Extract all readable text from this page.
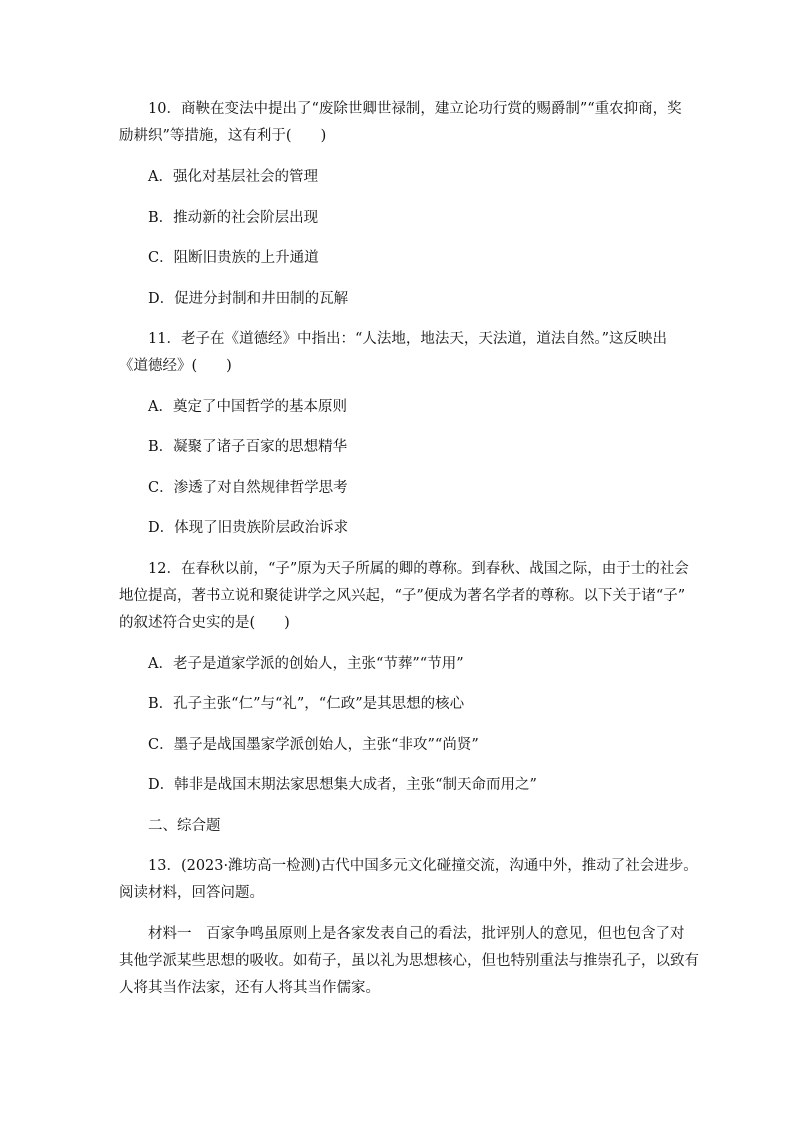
10．商鞅在变法中提出了“废除世卿世禄制，建立论功行赏的赐爵制”“重农抑商，奖
励耕织”等措施，这有利于(　　)
A．强化对基层社会的管理
B．推动新的社会阶层出现
C．阻断旧贵族的上升通道
D．促进分封制和井田制的瓦解
11．老子在《道德经》中指出：“人法地，地法天，天法道，道法自然。”这反映出
《道德经》(　　)
A．奠定了中国哲学的基本原则
B．凝聚了诸子百家的思想精华
C．渗透了对自然规律哲学思考
D．体现了旧贵族阶层政治诉求
12．在春秋以前，“子”原为天子所属的卿的尊称。到春秋、战国之际，由于士的社会
地位提高，著书立说和聚徒讲学之风兴起，“子”便成为著名学者的尊称。以下关于诸“子”
的叙述符合史实的是(　　)
A．老子是道家学派的创始人，主张“节葬”“节用”
B．孔子主张“仁”与“礼”，“仁政”是其思想的核心
C．墨子是战国墨家学派创始人，主张“非攻”“尚贤”
D．韩非是战国末期法家思想集大成者，主张“制天命而用之”
二、综合题
13．(2023·潍坊高一检测)古代中国多元文化碰撞交流，沟通中外，推动了社会进步。
阅读材料，回答问题。
材料一　百家争鸣虽原则上是各家发表自己的看法，批评别人的意见，但也包含了对
其他学派某些思想的吸收。如荀子，虽以礼为思想核心，但也特别重法与推崇孔子，以致有
人将其当作法家，还有人将其当作儒家。
